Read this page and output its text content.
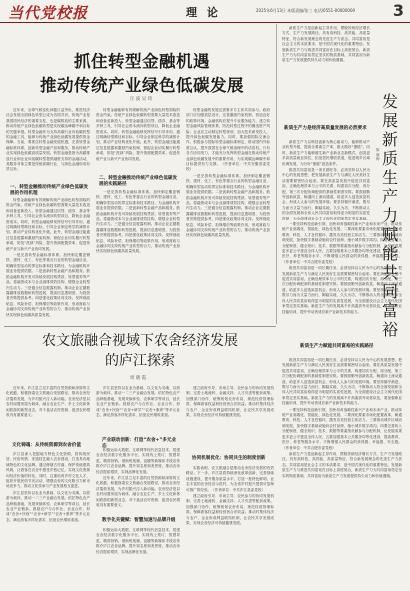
当代党校报	理 论	2025年6月13日 本版责编/张三 电话/0551-00000000 3
抓住转型金融机遇
推动传统产业绿色低碳发展
汪 波 吴 琦

近年来，全球气候变化问题日益突出，推进经济社会发展全面绿色转型已成为各国共识。传统产业是我国国民经济的重要支柱，也是碳排放的主要来源，推动传统产业绿色低碳转型是实现碳达峰碳中和目标的关键举措。转型金融作为支持高碳行业向低碳转型的金融工具，能够为传统产业绿色低碳发展提供资金保障。当前，要抓住转型金融发展机遇，完善转型金融标准体系，创新转型金融产品和服务，推动传统产业实现绿色低碳高质量发展。转型金融是指为高碳排放行业和企业向低碳转型提供融资支持的金融活动，其服务对象主要是传统高碳行业，与绿色金融形成有效互补。

一、转型金融推动传统产业绿色低碳发展的作用机理

转型金融能够有效缓解传统产业绿色转型面临的资金约束。传统产业绿色低碳转型需要大量技术改造和设备更新投入，转型金融通过信贷、债券、基金等多种工具，引导社会资本流向转型项目，降低企业融资成本。同时，转型金融能够发挥信号引导作用，通过明确转型路径和目标，引导企业制定科学的减排计划，推动产业结构优化升级。此外，转型金融还能通过信息披露和激励约束机制，督促企业切实履行转型承诺，防范“洗绿”风险，提升资源配置效率，促进传统产业与新兴产业协同发展。

一是完善转型金融标准体系。加快制定覆盖钢铁、建材、化工、有色等重点行业的转型金融目录，明确转型活动的界定标准和技术路径，为金融机构开展业务提供依据。二是创新转型金融产品和服务。鼓励金融机构开发可持续发展挂钩贷款、转型债券等产品，将融资成本与企业减排绩效挂钩，增强企业转型内生动力。三是健全信息披露机制。推动企业定期披露碳排放数据和转型进展，提高信息透明度，为投资者决策提供参考。四是强化政策协同支持。发挥财政贴息、风险补偿、担保增信等政策作用，形成财政与金融协同支持传统产业转型的合力，推动传统产业加快实现绿色低碳高质量发展。

转型金融能够有效缓解传统产业绿色转型面临的资金约束。传统产业绿色低碳转型需要大量技术改造和设备更新投入，转型金融通过信贷、债券、基金等多种工具，引导社会资本流向转型项目，降低企业融资成本。同时，转型金融能够发挥信号引导作用，通过明确转型路径和目标，引导企业制定科学的减排计划，推动产业结构优化升级。此外，转型金融还能通过信息披露和激励约束机制，督促企业切实履行转型承诺，防范“洗绿”风险，提升资源配置效率，促进传统产业与新兴产业协同发展。

二、转型金融推动传统产业绿色低碳发展的实践路径

一是完善转型金融标准体系。加快制定覆盖钢铁、建材、化工、有色等重点行业的转型金融目录，明确转型活动的界定标准和技术路径，为金融机构开展业务提供依据。二是创新转型金融产品和服务。鼓励金融机构开发可持续发展挂钩贷款、转型债券等产品，将融资成本与企业减排绩效挂钩，增强企业转型内生动力。三是健全信息披露机制。推动企业定期披露碳排放数据和转型进展，提高信息透明度，为投资者决策提供参考。四是强化政策协同支持。发挥财政贴息、风险补偿、担保增信等政策作用，形成财政与金融协同支持传统产业转型的合力，推动传统产业加快实现绿色低碳高质量发展。

转型金融的发展还需要多方主体共同参与。政府部门应加强顶层设计，完善激励约束机制，营造良好的政策环境；金融机构应提升专业服务能力，建立转型金融风险管理体系，防范转型过程中的搁浅资产风险；企业应主动制定转型规划，加大技术研发投入，提升绿色低碳发展能力。同时，要加强国际交流合作，积极参与国际转型金融标准制定，推动国内外标准互认，提升我国在全球气候治理中的话语权。只有各方协同发力，才能充分发挥转型金融在推动传统产业绿色低碳发展中的重要作用，为实现碳达峰碳中和目标提供有力支撑。（作者单位：中共安徽省委党校）

一是完善转型金融标准体系。加快制定覆盖钢铁、建材、化工、有色等重点行业的转型金融目录，明确转型活动的界定标准和技术路径，为金融机构开展业务提供依据。二是创新转型金融产品和服务。鼓励金融机构开发可持续发展挂钩贷款、转型债券等产品，将融资成本与企业减排绩效挂钩，增强企业转型内生动力。三是健全信息披露机制。推动企业定期披露碳排放数据和转型进展，提高信息透明度，为投资者决策提供参考。四是强化政策协同支持。发挥财政贴息、风险补偿、担保增信等政策作用，形成财政与金融协同支持传统产业转型的合力，推动传统产业加快实现绿色低碳高质量发展。

发展新质生产力 赋能共同富裕
陈 晓 梅

新质生产力是创新起主导作用，摆脱传统经济增长方式、生产力发展路径，具有高科技、高效能、高质量特征，符合新发展理念的先进生产力质态。共同富裕是社会主义的本质要求，是中国式现代化的重要特征。发展新质生产力与推进共同富裕在目标上高度契合，新质生产力为共同富裕奠定坚实的物质基础，共同富裕为新质生产力发展提供持久动力和价值遵循。

新质生产力是经济高质量发展的必然要求

新质生产力以科技创新为核心驱动力，能够推动产业转型升级，提高全要素生产率，做大做好“蛋糕”。同时，新质生产力能够催生新产业新业态新模式，创造更多高质量就业岗位，拓宽居民增收渠道，促进城乡区域协调发展，为分好“蛋糕”创造条件。

推进共同富裕是一项长期任务，必须坚持以人民为中心的发展思想，把发展新质生产力与满足人民美好生活需要紧密结合起来。要在高质量发展中促进共同富裕，正确处理效率与公平的关系，构建初次分配、再分配、第三次分配协调配套的基础性制度安排。要鼓励勤劳创新致富，畅通向上流动通道，给更多人创造致富机会，形成人人参与的发展环境。要坚持循序渐进，既尽力而为又量力而行，脚踏实地、久久为功，不断推动人的全面发展和全体人民共同富裕取得更为明显的实质性进展，为全面建设社会主义现代化国家奠定坚实基础。

一要坚持科技创新引领，加快培育战略性新兴产业和未来产业，推动传统产业高端化、智能化、绿色化发展。二要深化要素市场化配置改革，畅通教育、科技、人才良性循环，激发各类经营主体活力。三要推动城乡区域协调发展，加快数字基础设施向农村延伸，缩小城乡数字鸿沟。四要完善收入分配制度，健全知识、技术、数据等要素按贡献参与分配机制，让发展成果更多更公平惠及全体人民。五要加强基本公共服务均等化建设，提高教育、医疗、养老等服务水平，不断增强人民群众的获得感、幸福感、安全感。（作者单位：中共合肥市委党校）

推进共同富裕是一项长期任务，必须坚持以人民为中心的发展思想，把发展新质生产力与满足人民美好生活需要紧密结合起来。要在高质量发展中促进共同富裕，正确处理效率与公平的关系，构建初次分配、再分配、第三次分配协调配套的基础性制度安排。要鼓励勤劳创新致富，畅通向上流动通道，给更多人创造致富机会，形成人人参与的发展环境。要坚持循序渐进，既尽力而为又量力而行，脚踏实地、久久为功，不断推动人的全面发展和全体人民共同富裕取得更为明显的实质性进展，为全面建设社会主义现代化国家奠定坚实基础。新质生产力的发展离不开高素质劳动者队伍，要加强职业技能培训，提升劳动者适应新产业新技术的能力。

新质生产力赋能共同富裕的实践路径

推进共同富裕是一项长期任务，必须坚持以人民为中心的发展思想，把发展新质生产力与满足人民美好生活需要紧密结合起来。要在高质量发展中促进共同富裕，正确处理效率与公平的关系，构建初次分配、再分配、第三次分配协调配套的基础性制度安排。要鼓励勤劳创新致富，畅通向上流动通道，给更多人创造致富机会，形成人人参与的发展环境。要坚持循序渐进，既尽力而为又量力而行，脚踏实地、久久为功，不断推动人的全面发展和全体人民共同富裕取得更为明显的实质性进展，为全面建设社会主义现代化国家奠定坚实基础。新质生产力的发展离不开高素质劳动者队伍，要加强职业技能培训，提升劳动者适应新产业新技术的能力。

一要坚持科技创新引领，加快培育战略性新兴产业和未来产业，推动传统产业高端化、智能化、绿色化发展。二要深化要素市场化配置改革，畅通教育、科技、人才良性循环，激发各类经营主体活力。三要推动城乡区域协调发展，加快数字基础设施向农村延伸，缩小城乡数字鸿沟。四要完善收入分配制度，健全知识、技术、数据等要素按贡献参与分配机制，让发展成果更多更公平惠及全体人民。五要加强基本公共服务均等化建设，提高教育、医疗、养老等服务水平，不断增强人民群众的获得感、幸福感、安全感。（作者单位：中共合肥市委党校）

新质生产力是创新起主导作用，摆脱传统经济增长方式、生产力发展路径，具有高科技、高效能、高质量特征，符合新发展理念的先进生产力质态。共同富裕是社会主义的本质要求，是中国式现代化的重要特征。发展新质生产力与推进共同富裕在目标上高度契合，新质生产力为共同富裕奠定坚实的物质基础，共同富裕为新质生产力发展提供持久动力和价值遵循。

农文旅融合视域下农舍经济发展
的庐江探索
周 晓 霞

近年来，庐江县立足丰富的自然资源和深厚的文化底蕴，积极探索农文旅融合发展路径，推动农舍经济蓬勃发展，为乡村振兴注入新动能。农舍经济是以农村闲置房屋为载体，融合农业生产、乡土文化和休闲旅游的新型业态，对于盘活农村资源、促进农民增收具有重要意义。

文化铸魂：从传统资源到农舍价值

庐江县深入挖掘地方特色文化资源，将传统民居、民俗风情、非遗技艺融入农舍建设，打造具有地域特色的文化品牌。通过修缮古村落、保护传统建筑风貌，让游客在农舍中感受乡愁记忆，实现文化资源向经济价值的转化。同时，注重培育乡村文化人才，组织开展民俗节庆活动，增强农舍的文化吸引力和市场竞争力，推动文化传承与产业发展相互促进。

庐江县坚持以农业为基础、以文化为灵魂、以旅游为载体，推动一二三产业融合发展。依托特色农产品种植基地，发展采摘体验、农事研学等项目，延长农业产业链条。鼓励农户与合作社、企业合作，形成“农舍+民宿”“农舍+研学”“农舍+康养”等多元业态，满足游客多样化需求，拓宽农民增收渠道。

庐江县坚持以农业为基础、以文化为灵魂、以旅游为载体，推动一二三产业融合发展。依托特色农产品种植基地，发展采摘体验、农事研学等项目，延长农业产业链条。鼓励农户与合作社、企业合作，形成“农舍+民宿”“农舍+研学”“农舍+康养”等多元业态，满足游客多样化需求，拓宽农民增收渠道。

产业联动创新：打造“农舍+”多元业态

积极运用大数据、互联网等现代信息技术，搭建农舍经济数字化服务平台，实现线上预订、智慧导览、精准营销。借助短视频、直播等新媒体手段宣传推介庐江农舍品牌，提升知名度和美誉度，推动农舍经济提质增效，实现品牌化发展。

近年来，庐江县立足丰富的自然资源和深厚的文化底蕴，积极探索农文旅融合发展路径，推动农舍经济蓬勃发展，为乡村振兴注入新动能。农舍经济是以农村闲置房屋为载体，融合农业生产、乡土文化和休闲旅游的新型业态，对于盘活农村资源、促进农民增收具有重要意义。

数字化关键赋：智慧加速与品牌升级

积极运用大数据、互联网等现代信息技术，搭建农舍经济数字化服务平台，实现线上预订、智慧导览、精准营销。借助短视频、直播等新媒体手段宣传推介庐江农舍品牌，提升知名度和美誉度，推动农舍经济提质增效，实现品牌化发展。

建立政府引导、市场主导、农民参与的协同发展机制，完善土地流转、金融支持、人才引进等配套政策。加强部门协作，统筹规划农舍布局，规范经营管理标准，保障游客权益和经营者合法收益。推动村集体经济与农户、企业形成利益联结机制，让农民共享发展成果，实现农舍经济可持续健康发展。

协同机制优化：协同共生的制度创新

实践表明，农文旅融合是推动农舍经济发展的有效路径。下一步，庐江县将持续深化改革创新，完善基础设施建设，提升服务质量水平，打造一批特色鲜明、业态丰富的农舍经济示范村，为全省乡村振兴提供可复制可推广的经验。（作者单位：中共庐江县委党校）

建立政府引导、市场主导、农民参与的协同发展机制，完善土地流转、金融支持、人才引进等配套政策。加强部门协作，统筹规划农舍布局，规范经营管理标准，保障游客权益和经营者合法收益。推动村集体经济与农户、企业形成利益联结机制，让农民共享发展成果，实现农舍经济可持续健康发展。
